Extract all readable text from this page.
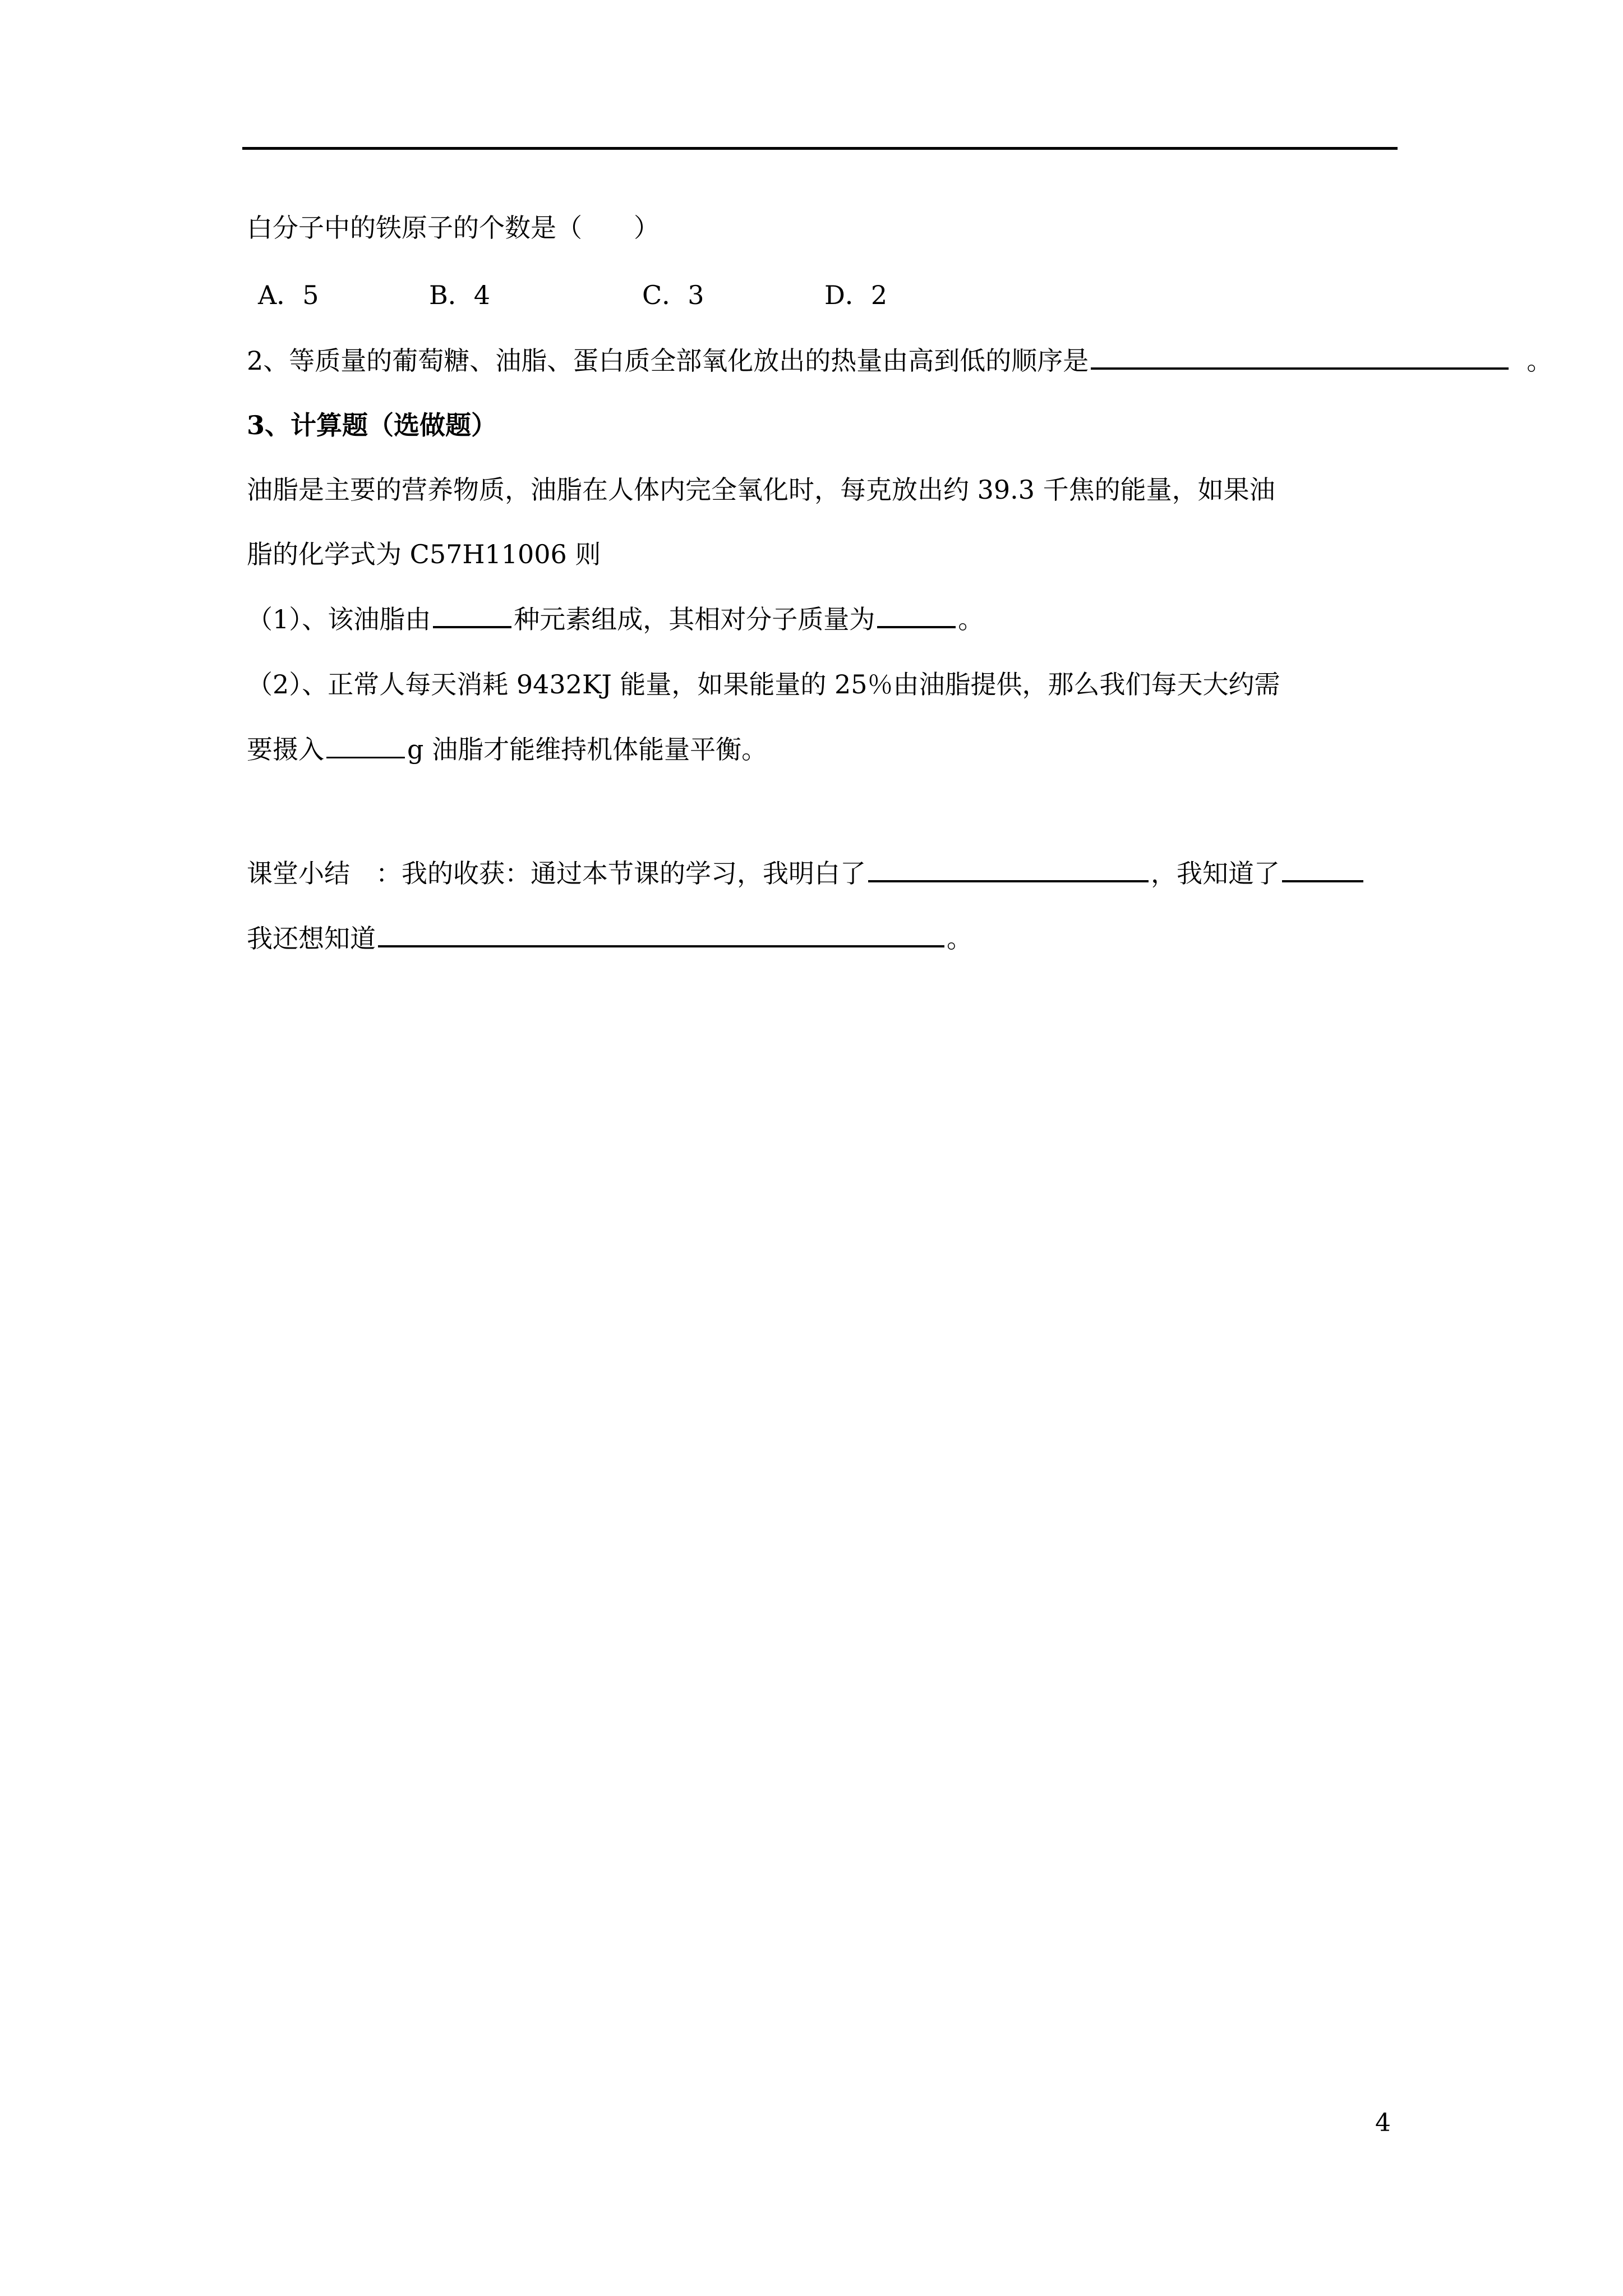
白分子中的铁原子的个数是（　　）
A．5	B．4	C．3	D．2
2、等质量的葡萄糖、油脂、蛋白质全部氧化放出的热量由高到低的顺序是	。
3、计算题（选做题）
油脂是主要的营养物质，油脂在人体内完全氧化时，每克放出约 39.3 千焦的能量，如果油
脂的化学式为 C57H11006 则
（1）、该油脂由	种元素组成，其相对分子质量为	。
（2）、正常人每天消耗 9432KJ 能量，如果能量的 25％由油脂提供，那么我们每天大约需
要摄入	g 油脂才能维持机体能量平衡。
课堂小结　：我的收获：通过本节课的学习，我明白了	，我知道了
我还想知道	。
4
